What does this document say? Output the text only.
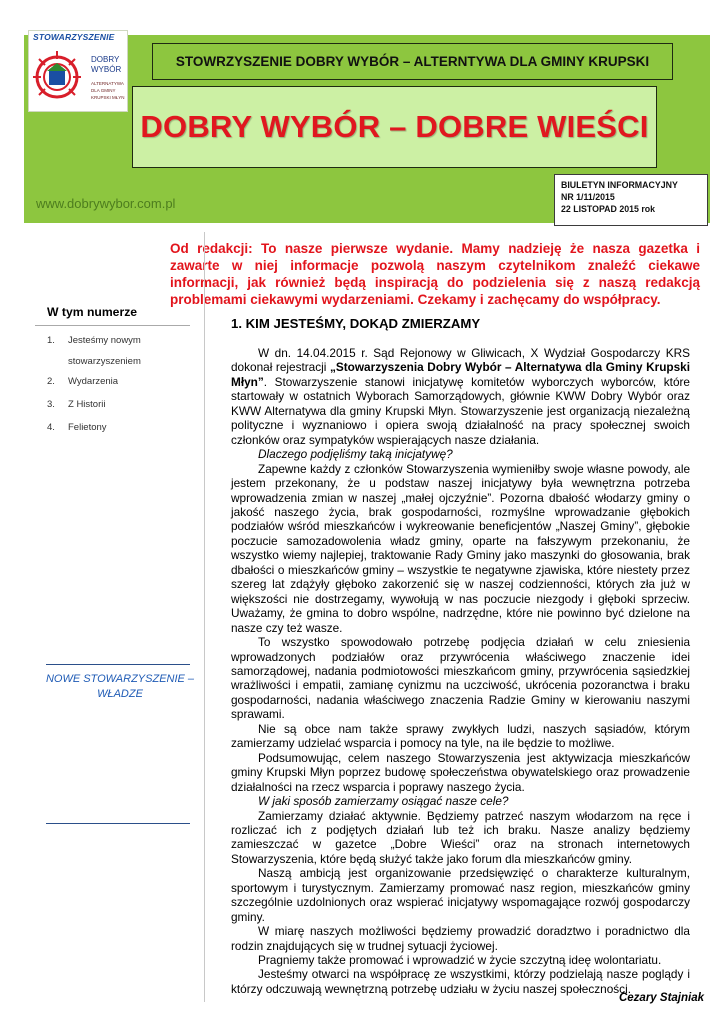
STOWARZYSZENIE
DOBRY
WYBÓR
ALTERNATYWA
DLA GMINY
KRUPSKI MŁYN
STOWRZYSZENIE DOBRY WYBÓR – ALTERNTYWA DLA GMINY KRUPSKI
DOBRY WYBÓR – DOBRE WIEŚCI
www.dobrywybor.com.pl
BIULETYN INFORMACYJNY
NR 1/11/2015
22 LISTOPAD 2015 rok
Od redakcji: To nasze pierwsze wydanie. Mamy nadzieję że nasza gazetka i zawarte w niej informacje pozwolą naszym czytelnikom znaleźć ciekawe informacji, jak również będą inspiracją do podzielenia się z naszą redakcją problemami ciekawymi wydarzeniami. Czekamy i zachęcamy do współpracy.
W tym numerze
1.	Jesteśmy nowym stowarzyszeniem
2.	Wydarzenia
3.	Z Historii
4.	Felietony
NOWE STOWARZYSZENIE – WŁADZE
1. KIM JESTEŚMY, DOKĄD ZMIERZAMY

W dn. 14.04.2015 r. Sąd Rejonowy w Gliwicach, X Wydział Gospodarczy KRS dokonał rejestracji „Stowarzyszenia Dobry Wybór – Alternatywa dla Gminy Krupski Młyn”. Stowarzyszenie stanowi inicjatywę komitetów wyborczych wyborców, które startowały w ostatnich Wyborach Samorządowych, głównie KWW Dobry Wybór oraz KWW Alternatywa dla gminy Krupski Młyn. Stowarzyszenie jest organizacją niezależną polityczne i wyznaniowo i opiera swoją działalność na pracy społecznej swoich członków oraz sympatyków wspierających nasze działania.

Dlaczego podjęliśmy taką inicjatywę?

Zapewne każdy z członków Stowarzyszenia wymieniłby swoje własne powody, ale jestem przekonany, że u podstaw naszej inicjatywy była wewnętrzna potrzeba wprowadzenia zmian w naszej „małej ojczyźnie”. Pozorna dbałość włodarzy gminy o jakość naszego życia, brak gospodarności, rozmyślne wprowadzanie głębokich podziałów wśród mieszkańców i wykreowanie beneficjentów „Naszej Gminy”, głębokie poczucie samozadowolenia władz gminy, oparte na fałszywym przekonaniu, że wszystko wiemy najlepiej, traktowanie Rady Gminy jako maszynki do głosowania, brak dbałości o mieszkańców gminy – wszystkie te negatywne zjawiska, które niestety przez szereg lat zdążyły głęboko zakorzenić się w naszej codzienności, których zła już w większości nie dostrzegamy, wywołują w nas poczucie niezgody i głęboki sprzeciw. Uważamy, że gmina to dobro wspólne, nadrzędne, które nie powinno być dzielone na nasze czy też wasze.

To wszystko spowodowało potrzebę podjęcia działań w celu zniesienia wprowadzonych podziałów oraz przywrócenia właściwego znaczenie idei samorządowej, nadania podmiotowości mieszkańcom gminy, przywrócenia sąsiedzkiej wrażliwości i empatii, zamianę cynizmu na uczciwość, ukrócenia pozoranctwa i braku gospodarności, nadania właściwego znaczenia Radzie Gminy w kierowaniu naszymi sprawami.

Nie są obce nam także sprawy zwykłych ludzi, naszych sąsiadów, którym zamierzamy udzielać wsparcia i pomocy na tyle, na ile będzie to możliwe.

Podsumowując, celem naszego Stowarzyszenia jest aktywizacja mieszkańców gminy Krupski Młyn poprzez budowę społeczeństwa obywatelskiego oraz prowadzenie działalności na rzecz wsparcia i poprawy naszego życia.

W jaki sposób zamierzamy osiągać nasze cele?

Zamierzamy działać aktywnie. Będziemy patrzeć naszym włodarzom na ręce i rozliczać ich z podjętych działań lub też ich braku. Nasze analizy będziemy zamieszczać w gazetce „Dobre Wieści” oraz na stronach internetowych Stowarzyszenia, które będą służyć także jako forum dla mieszkańców gminy.

Naszą ambicją jest organizowanie przedsięwzięć o charakterze kulturalnym, sportowym i turystycznym. Zamierzamy promować nasz region, mieszkańców gminy szczególnie uzdolnionych oraz wspierać inicjatywy wspomagające rozwój gospodarczy gminy.

W miarę naszych możliwości będziemy prowadzić doradztwo i poradnictwo dla rodzin znajdujących się w trudnej sytuacji życiowej.

Pragniemy także promować i wprowadzić w życie szczytną ideę wolontariatu.

Jesteśmy otwarci na współpracę ze wszystkimi, którzy podzielają nasze poglądy i którzy odczuwają wewnętrzną potrzebę udziału w życiu naszej społeczności.

Cezary Stajniak
